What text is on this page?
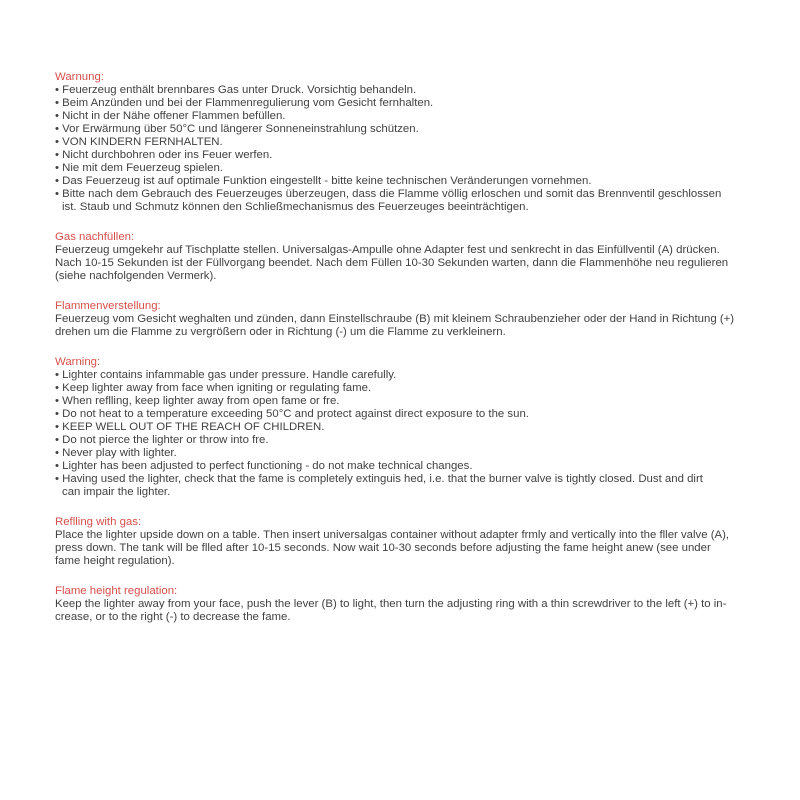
Warnung:
• Feuerzeug enthält brennbares Gas unter Druck. Vorsichtig behandeln.
• Beim Anzünden und bei der Flammenregulierung vom Gesicht fernhalten.
• Nicht in der Nähe offener Flammen befüllen.
• Vor Erwärmung über 50°C und längerer Sonneneinstrahlung schützen.
• VON KINDERN FERNHALTEN.
• Nicht durchbohren oder ins Feuer werfen.
• Nie mit dem Feuerzeug spielen.
• Das Feuerzeug ist auf optimale Funktion eingestellt - bitte keine technischen Veränderungen vornehmen.
• Bitte nach dem Gebrauch des Feuerzeuges überzeugen, dass die Flamme völlig erloschen und somit das Brennventil geschlossen
ist. Staub und Schmutz können den Schließmechanismus des Feuerzeuges beeinträchtigen.
Gas nachfüllen:
Feuerzeug umgekehr auf Tischplatte stellen. Universalgas-Ampulle ohne Adapter fest und senkrecht in das Einfüllventil (A) drücken.
Nach 10-15 Sekunden ist der Füllvorgang beendet. Nach dem Füllen 10-30 Sekunden warten, dann die Flammenhöhe neu regulieren
(siehe nachfolgenden Vermerk).
Flammenverstellung:
Feuerzeug vom Gesicht weghalten und zünden, dann Einstellschraube (B) mit kleinem Schraubenzieher oder der Hand in Richtung (+)
drehen um die Flamme zu vergrößern oder in Richtung (-) um die Flamme zu verkleinern.
Warning:
• Lighter contains infammable gas under pressure. Handle carefully.
• Keep lighter away from face when igniting or regulating fame.
• When reflling, keep lighter away from open fame or fre.
• Do not heat to a temperature exceeding 50°C and protect against direct exposure to the sun.
• KEEP WELL OUT OF THE REACH OF CHILDREN.
• Do not pierce the lighter or throw into fre.
• Never play with lighter.
• Lighter has been adjusted to perfect functioning - do not make technical changes.
• Having used the lighter, check that the fame is completely extinguis hed, i.e. that the burner valve is tightly closed. Dust and dirt
can impair the lighter.
Reflling with gas:
Place the lighter upside down on a table. Then insert universalgas container without adapter frmly and vertically into the fller valve (A),
press down. The tank will be flled after 10-15 seconds. Now wait 10-30 seconds before adjusting the fame height anew (see under
fame height regulation).
Flame height regulation:
Keep the lighter away from your face, push the lever (B) to light, then turn the adjusting ring with a thin screwdriver to the left (+) to in-
crease, or to the right (-) to decrease the fame.
